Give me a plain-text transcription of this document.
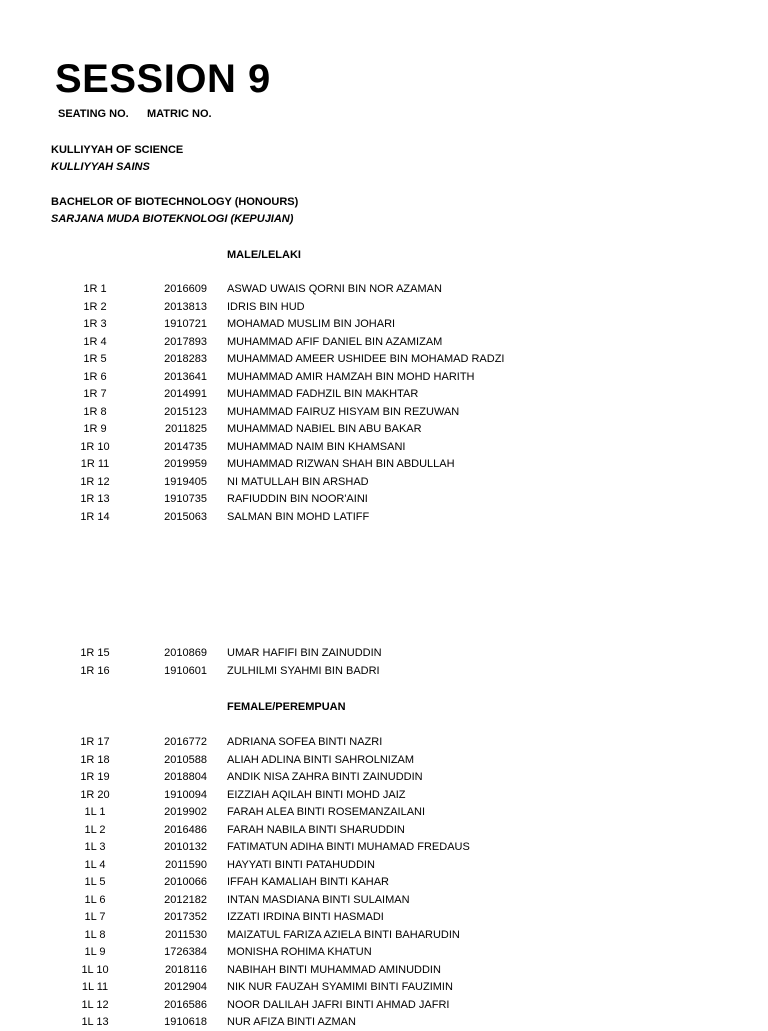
SESSION 9
SEATING NO. MATRIC NO.
KULLIYYAH OF SCIENCE
KULLIYYAH SAINS
BACHELOR OF BIOTECHNOLOGY (HONOURS)
SARJANA MUDA BIOTEKNOLOGI (KEPUJIAN)
MALE/LELAKI
1R 1	2016609 ASWAD UWAIS QORNI BIN NOR AZAMAN
1R 2	2013813 IDRIS BIN HUD
1R 3	1910721 MOHAMAD MUSLIM BIN JOHARI
1R 4	2017893 MUHAMMAD AFIF DANIEL BIN AZAMIZAM
1R 5	2018283 MUHAMMAD AMEER USHIDEE BIN MOHAMAD RADZI
1R 6	2013641 MUHAMMAD AMIR HAMZAH BIN MOHD HARITH
1R 7	2014991 MUHAMMAD FADHZIL BIN MAKHTAR
1R 8	2015123 MUHAMMAD FAIRUZ HISYAM BIN REZUWAN
1R 9	2011825 MUHAMMAD NABIEL BIN ABU BAKAR
1R 10	2014735 MUHAMMAD NAIM BIN KHAMSANI
1R 11	2019959 MUHAMMAD RIZWAN SHAH BIN ABDULLAH
1R 12	1919405 NI MATULLAH BIN ARSHAD
1R 13	1910735 RAFIUDDIN BIN NOOR'AINI
1R 14	2015063 SALMAN BIN MOHD LATIFF
1R 15	2010869 UMAR HAFIFI BIN ZAINUDDIN
1R 16	1910601 ZULHILMI SYAHMI BIN BADRI
FEMALE/PEREMPUAN
1R 17	2016772 ADRIANA SOFEA BINTI NAZRI
1R 18	2010588 ALIAH ADLINA BINTI SAHROLNIZAM
1R 19	2018804 ANDIK NISA ZAHRA BINTI ZAINUDDIN
1R 20	1910094 EIZZIAH AQILAH BINTI MOHD JAIZ
1L 1	2019902 FARAH ALEA BINTI ROSEMANZAILANI
1L 2	2016486 FARAH NABILA BINTI SHARUDDIN
1L 3	2010132 FATIMATUN ADIHA BINTI MUHAMAD FREDAUS
1L 4	2011590 HAYYATI BINTI PATAHUDDIN
1L 5	2010066 IFFAH KAMALIAH BINTI KAHAR
1L 6	2012182 INTAN MASDIANA BINTI SULAIMAN
1L 7	2017352 IZZATI IRDINA BINTI HASMADI
1L 8	2011530 MAIZATUL FARIZA AZIELA BINTI BAHARUDIN
1L 9	1726384 MONISHA ROHIMA KHATUN
1L 10	2018116 NABIHAH BINTI MUHAMMAD AMINUDDIN
1L 11	2012904 NIK NUR FAUZAH SYAMIMI BINTI FAUZIMIN
1L 12	2016586 NOOR DALILAH JAFRI BINTI AHMAD JAFRI
1L 13	1910618 NUR AFIZA BINTI AZMAN
